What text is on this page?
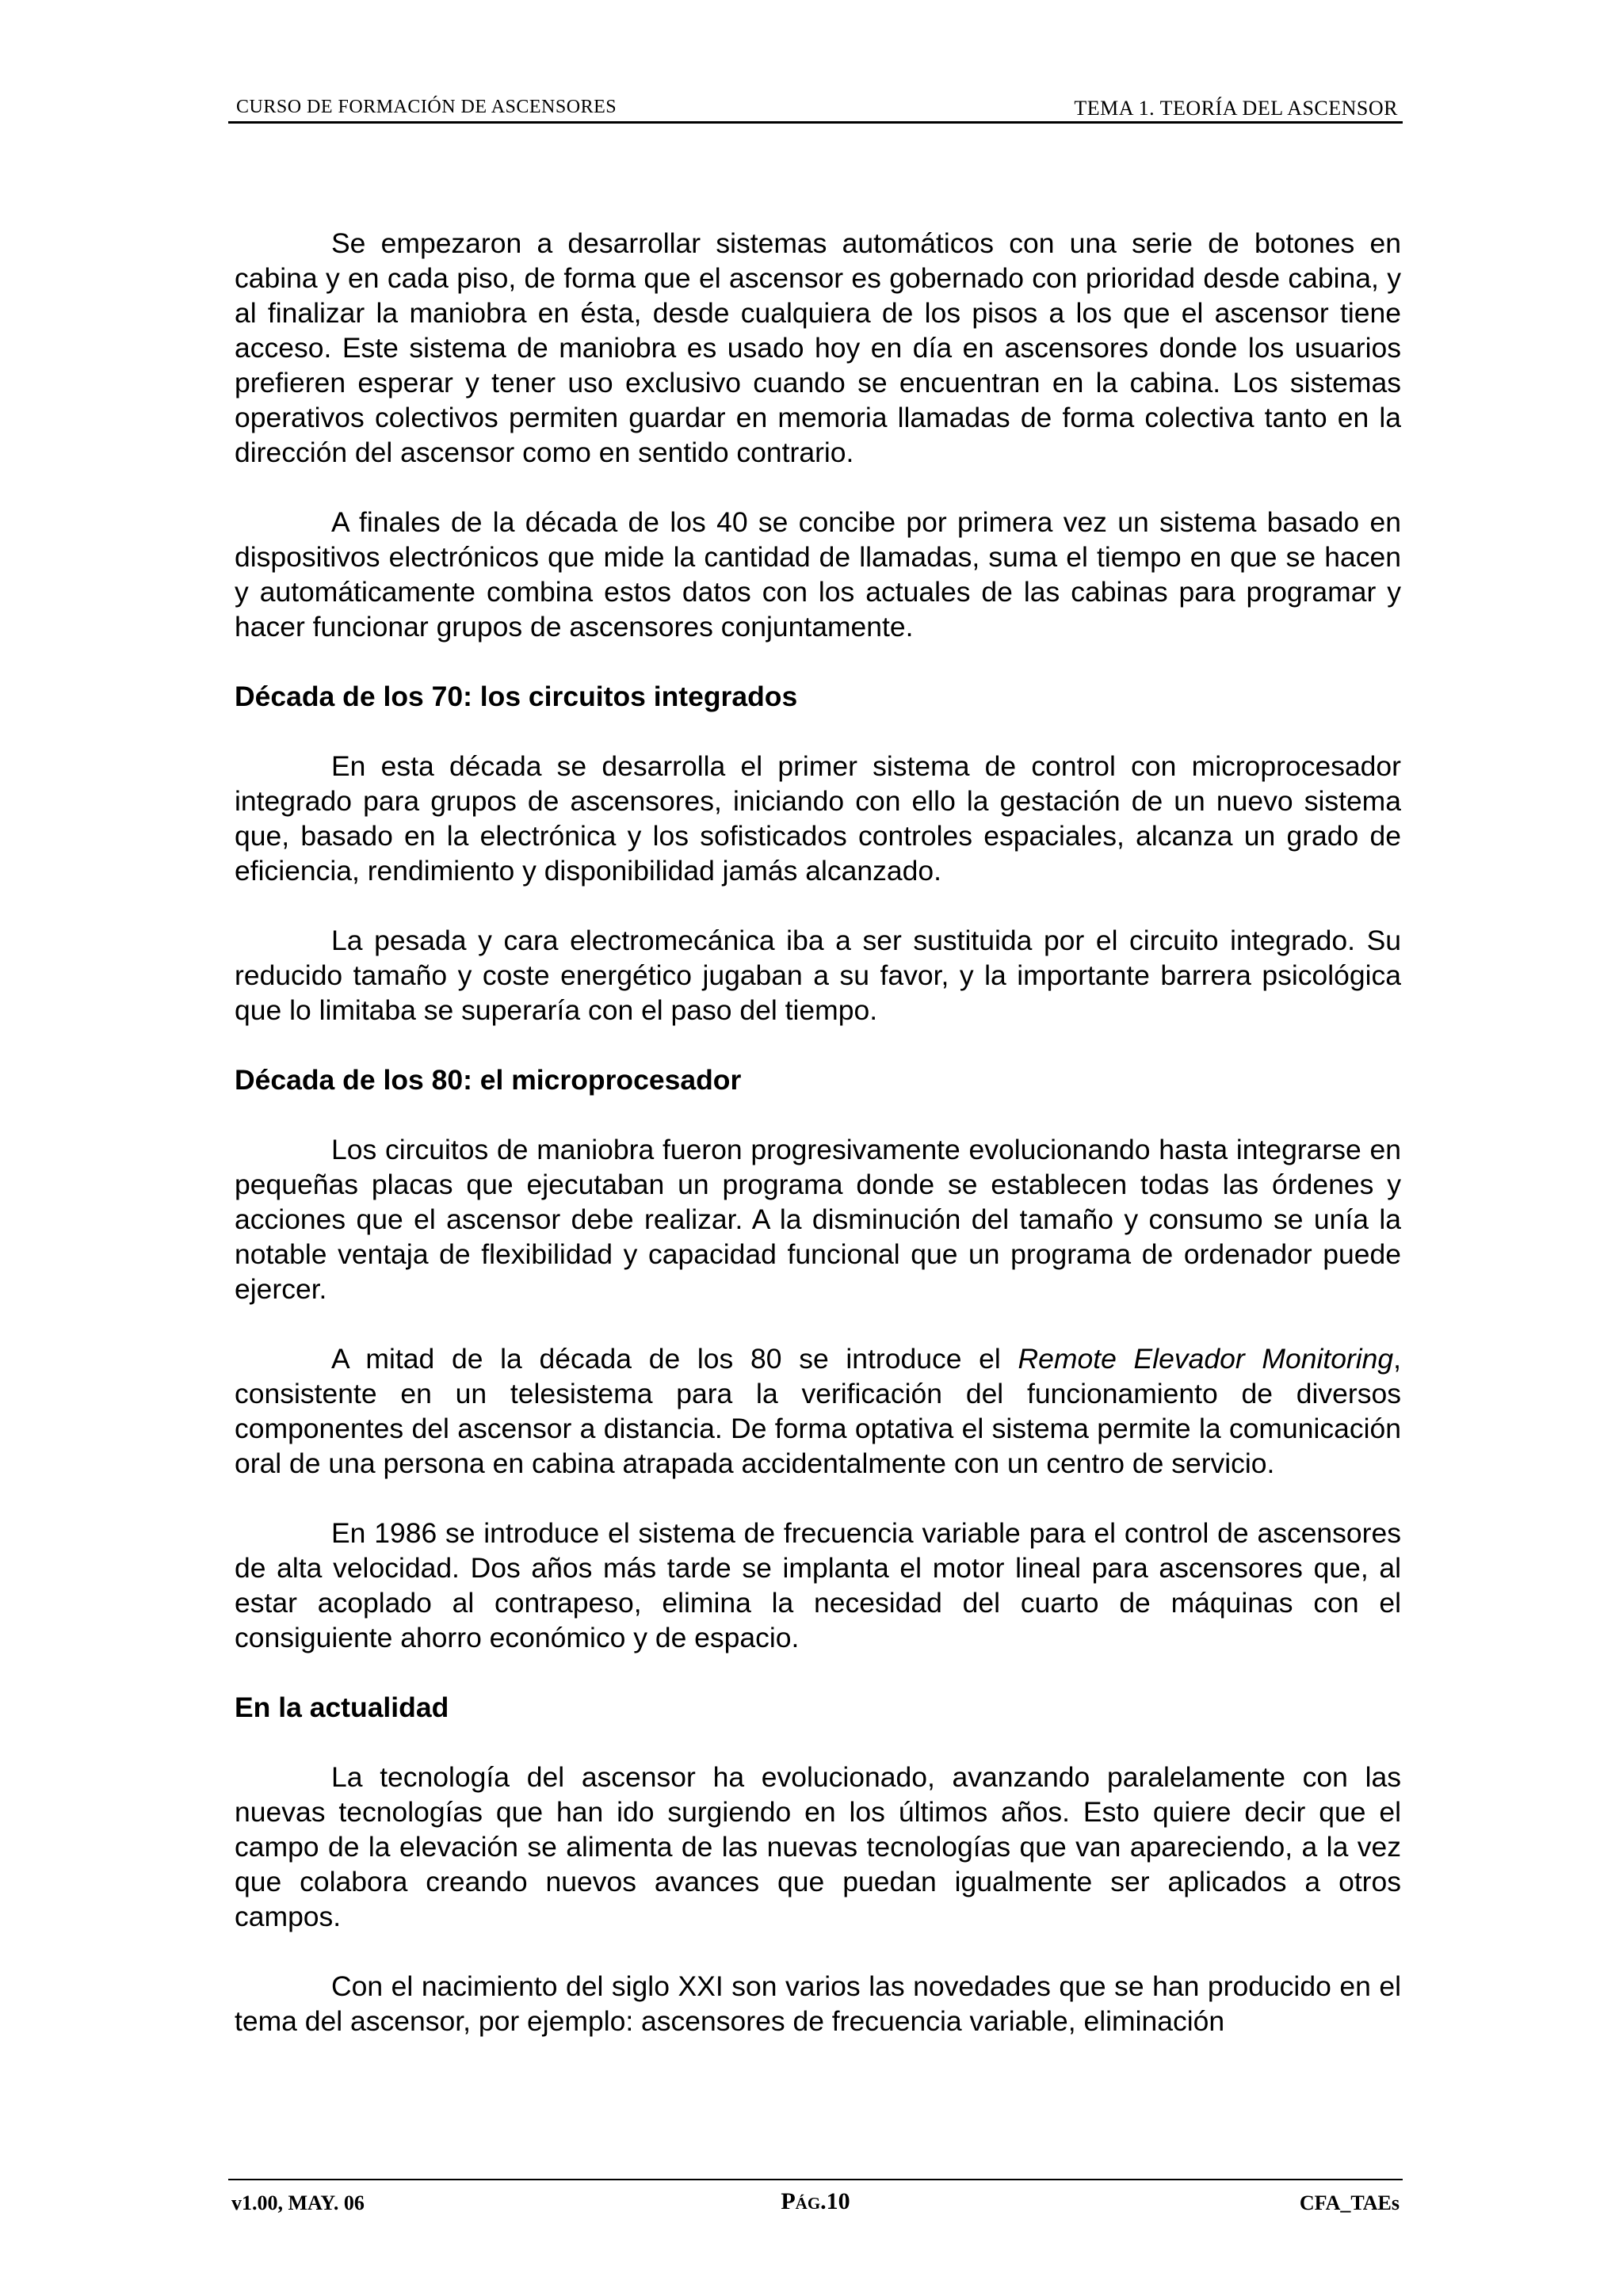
CURSO DE FORMACIÓN DE ASCENSORES	TEMA 1. TEORÍA DEL ASCENSOR

Se empezaron a desarrollar sistemas automáticos con una serie de botones en cabina y en cada piso, de forma que el ascensor es gobernado con prioridad desde cabina, y al finalizar la maniobra en ésta, desde cualquiera de los pisos a los que el ascensor tiene acceso. Este sistema de maniobra es usado hoy en día en ascensores donde los usuarios prefieren esperar y tener uso exclusivo cuando se encuentran en la cabina. Los sistemas operativos colectivos permiten guardar en memoria llamadas de forma colectiva tanto en la dirección del ascensor como en sentido contrario.

A finales de la década de los 40 se concibe por primera vez un sistema basado en dispositivos electrónicos que mide la cantidad de llamadas, suma el tiempo en que se hacen y automáticamente combina estos datos con los actuales de las cabinas para programar y hacer funcionar grupos de ascensores conjuntamente.

Década de los 70: los circuitos integrados

En esta década se desarrolla el primer sistema de control con microprocesador integrado para grupos de ascensores, iniciando con ello la gestación de un nuevo sistema que, basado en la electrónica y los sofisticados controles espaciales, alcanza un grado de eficiencia, rendimiento y disponibilidad jamás alcanzado.

La pesada y cara electromecánica iba a ser sustituida por el circuito integrado. Su reducido tamaño y coste energético jugaban a su favor, y la importante barrera psicológica que lo limitaba se superaría con el paso del tiempo.

Década de los 80: el microprocesador

Los circuitos de maniobra fueron progresivamente evolucionando hasta integrarse en pequeñas placas que ejecutaban un programa donde se establecen todas las órdenes y acciones que el ascensor debe realizar. A la disminución del tamaño y consumo se unía la notable ventaja de flexibilidad y capacidad funcional que un programa de ordenador puede ejercer.

A mitad de la década de los 80 se introduce el Remote Elevador Monitoring, consistente en un telesistema para la verificación del funcionamiento de diversos componentes del ascensor a distancia. De forma optativa el sistema permite la comunicación oral de una persona en cabina atrapada accidentalmente con un centro de servicio.

En 1986 se introduce el sistema de frecuencia variable para el control de ascensores de alta velocidad. Dos años más tarde se implanta el motor lineal para ascensores que, al estar acoplado al contrapeso, elimina la necesidad del cuarto de máquinas con el consiguiente ahorro económico y de espacio.

En la actualidad

La tecnología del ascensor ha evolucionado, avanzando paralelamente con las nuevas tecnologías que han ido surgiendo en los últimos años. Esto quiere decir que el campo de la elevación se alimenta de las nuevas tecnologías que van apareciendo, a la vez que colabora creando nuevos avances que puedan igualmente ser aplicados a otros campos.

Con el nacimiento del siglo XXI son varios las novedades que se han producido en el tema del ascensor, por ejemplo: ascensores de frecuencia variable, eliminación

v1.00, MAY. 06	Pág.10	CFA_TAEs
